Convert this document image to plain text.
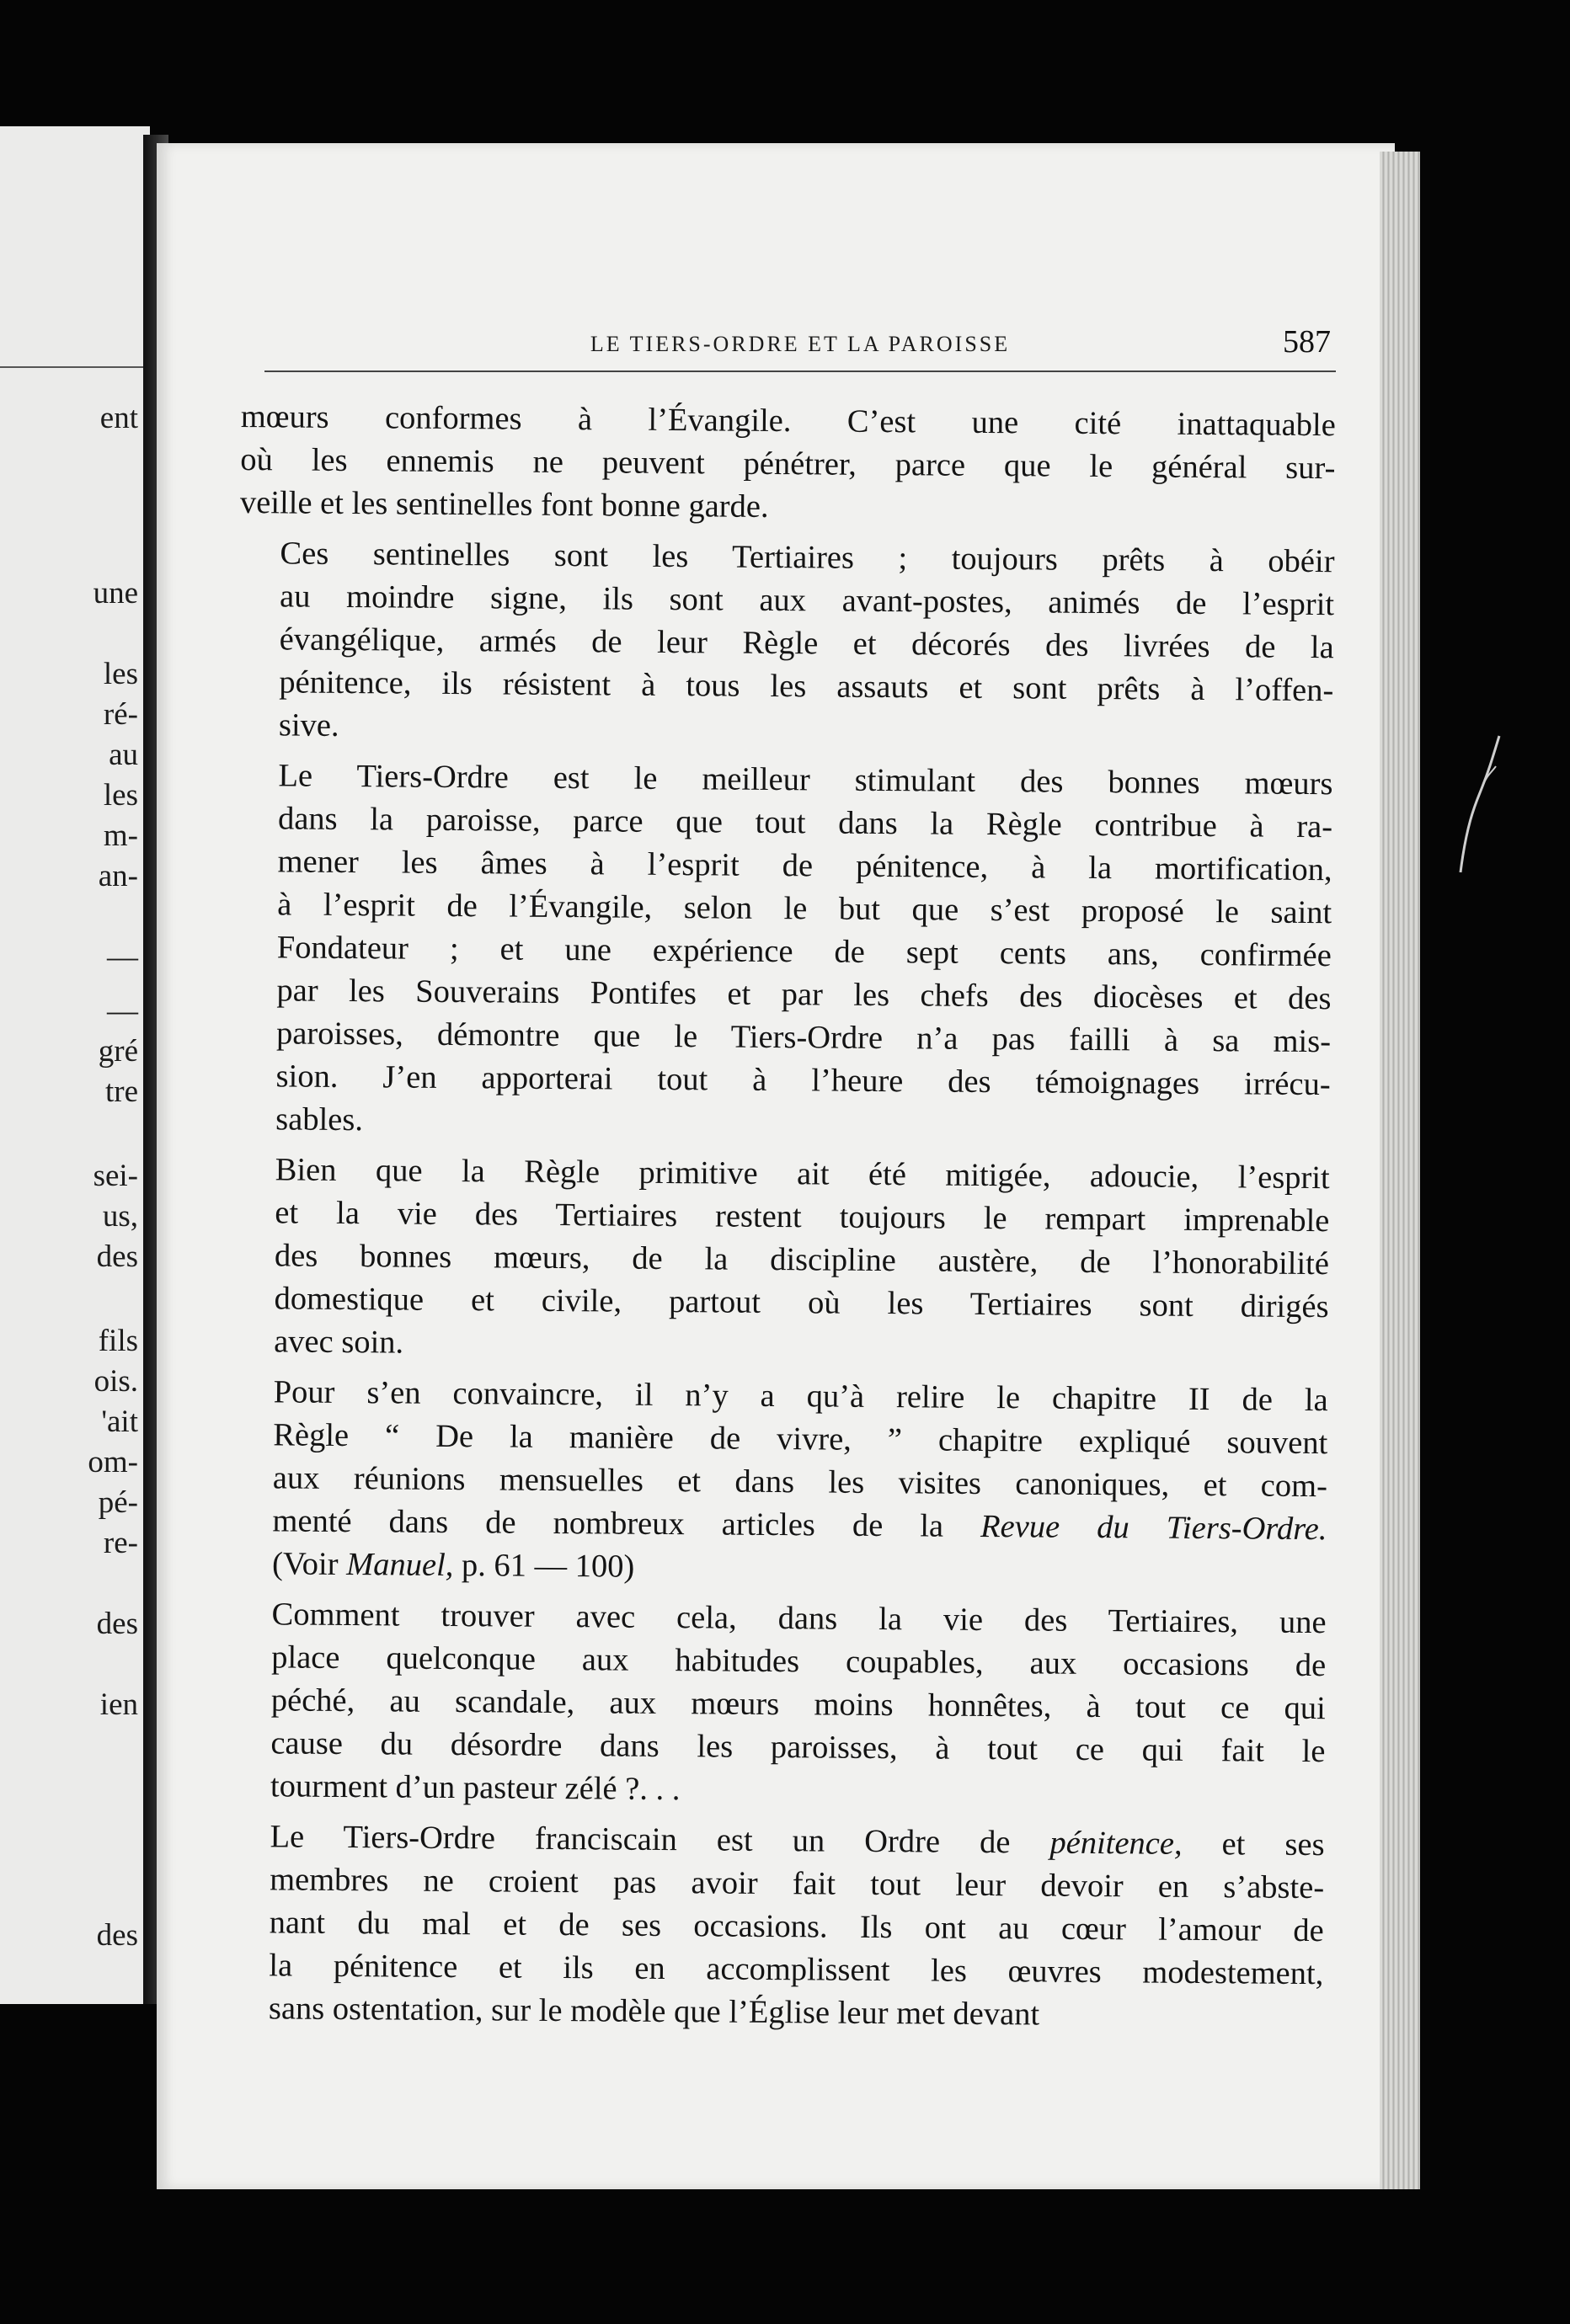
ent
une
les
ré-
au
les
m-
an-
—
—
gré
tre
sei-
us,
des
fils
ois.
'ait
om-
pé-
re-
des
ien
des
LE TIERS-ORDRE ET LA PAROISSE	587

mœurs conformes à l’Évangile. C’est une cité inattaquable
où les ennemis ne peuvent pénétrer, parce que le général sur-
veille et les sentinelles font bonne garde.

Ces sentinelles sont les Tertiaires ; toujours prêts à obéir
au moindre signe, ils sont aux avant-postes, animés de l’esprit
évangélique, armés de leur Règle et décorés des livrées de la
pénitence, ils résistent à tous les assauts et sont prêts à l’offen-
sive.

Le Tiers-Ordre est le meilleur stimulant des bonnes mœurs
dans la paroisse, parce que tout dans la Règle contribue à ra-
mener les âmes à l’esprit de pénitence, à la mortification,
à l’esprit de l’Évangile, selon le but que s’est proposé le saint
Fondateur ; et une expérience de sept cents ans, confirmée
par les Souverains Pontifes et par les chefs des diocèses et des
paroisses, démontre que le Tiers-Ordre n’a pas failli à sa mis-
sion. J’en apporterai tout à l’heure des témoignages irrécu-
sables.

Bien que la Règle primitive ait été mitigée, adoucie, l’esprit
et la vie des Tertiaires restent toujours le rempart imprenable
des bonnes mœurs, de la discipline austère, de l’honorabilité
domestique et civile, partout où les Tertiaires sont dirigés
avec soin.

Pour s’en convaincre, il n’y a qu’à relire le chapitre II de la
Règle “ De la manière de vivre, ” chapitre expliqué souvent
aux réunions mensuelles et dans les visites canoniques, et com-
menté dans de nombreux articles de la Revue du Tiers-Ordre.
(Voir Manuel, p. 61 — 100)

Comment trouver avec cela, dans la vie des Tertiaires, une
place quelconque aux habitudes coupables, aux occasions de
péché, au scandale, aux mœurs moins honnêtes, à tout ce qui
cause du désordre dans les paroisses, à tout ce qui fait le
tourment d’un pasteur zélé ?. . .

Le Tiers-Ordre franciscain est un Ordre de pénitence, et ses
membres ne croient pas avoir fait tout leur devoir en s’abste-
nant du mal et de ses occasions. Ils ont au cœur l’amour de
la pénitence et ils en accomplissent les œuvres modestement,
sans ostentation, sur le modèle que l’Église leur met devant
